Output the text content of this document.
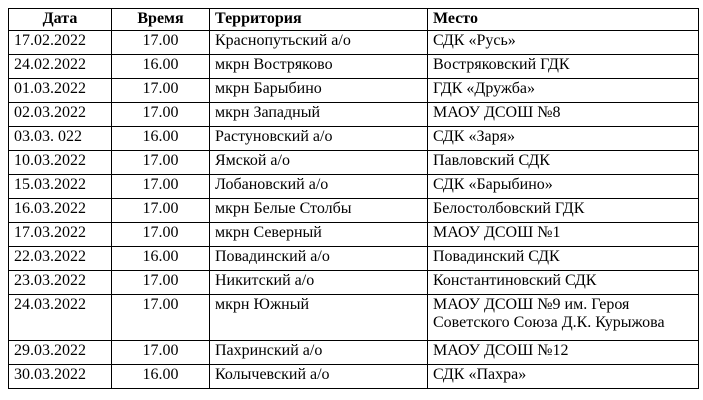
Дата	Время	Территория	Место
17.02.2022	17.00	Краснопутьский а/о	СДК «Русь»
24.02.2022	16.00	мкрн Востряково	Востряковский ГДК
01.03.2022	17.00	мкрн Барыбино	ГДК «Дружба»
02.03.2022	17.00	мкрн Западный	МАОУ ДСОШ №8
03.03. 022	16.00	Растуновский а/о	СДК «Заря»
10.03.2022	17.00	Ямской а/о	Павловский СДК
15.03.2022	17.00	Лобановский а/о	СДК «Барыбино»
16.03.2022	17.00	мкрн Белые Столбы	Белостолбовский ГДК
17.03.2022	17.00	мкрн Северный	МАОУ ДСОШ №1
22.03.2022	16.00	Повадинский а/о	Повадинский СДК
23.03.2022	17.00	Никитский а/о	Константиновский СДК
24.03.2022	17.00	мкрн Южный	МАОУ ДСОШ №9 им. Героя Советского Союза Д.К. Курыжова
29.03.2022	17.00	Пахринский а/о	МАОУ ДСОШ №12
30.03.2022	16.00	Колычевский а/о	СДК «Пахра»
